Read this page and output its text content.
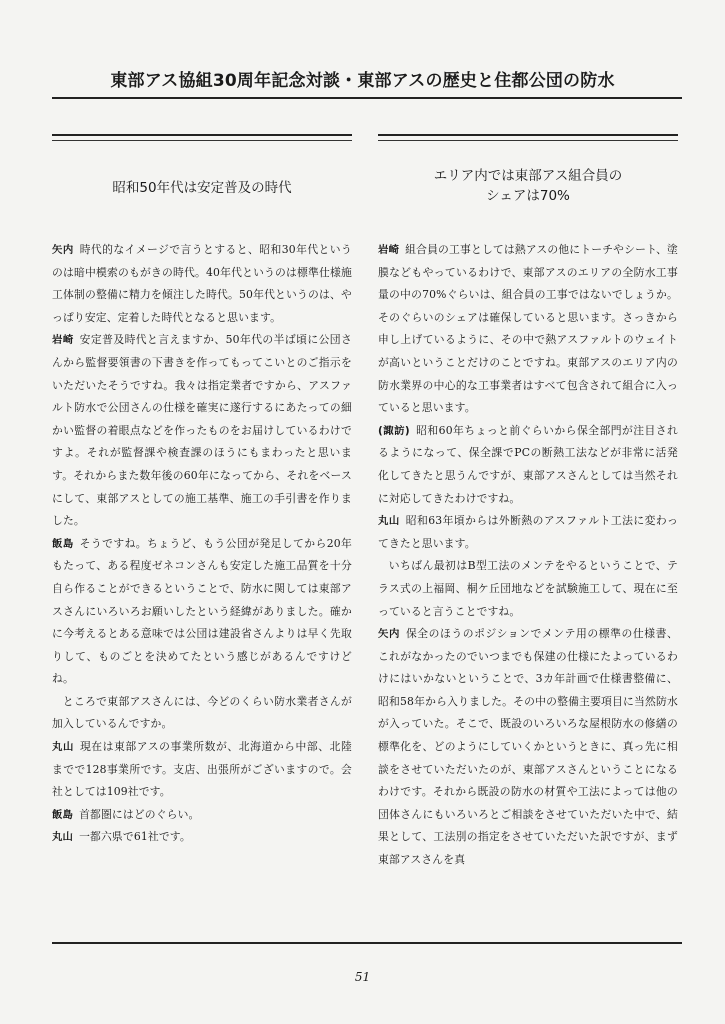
東部アス協組30周年記念対談・東部アスの歴史と住都公団の防水
昭和50年代は安定普及の時代

矢内 時代的なイメージで言うとすると、昭和30年代というのは暗中模索のもがきの時代。40年代というのは標準仕様施工体制の整備に精力を傾注した時代。50年代というのは、やっぱり安定、定着した時代となると思います。

岩崎 安定普及時代と言えますか、50年代の半ば頃に公団さんから監督要領書の下書きを作ってもってこいとのご指示をいただいたそうですね。我々は指定業者ですから、アスファルト防水で公団さんの仕様を確実に遂行するにあたっての細かい監督の着眼点などを作ったものをお届けしているわけですよ。それが監督課や検査課のほうにもまわったと思います。それからまた数年後の60年になってから、それをベースにして、東部アスとしての施工基準、施工の手引書を作りました。

飯島 そうですね。ちょうど、もう公団が発足してから20年もたって、ある程度ゼネコンさんも安定した施工品質を十分自ら作ることができるということで、防水に関しては東部アスさんにいろいろお願いしたという経緯がありました。確かに今考えるとある意味では公団は建設省さんよりは早く先取りして、ものごとを決めてたという感じがあるんですけどね。

ところで東部アスさんには、今どのくらい防水業者さんが加入しているんですか。

丸山 現在は東部アスの事業所数が、北海道から中部、北陸までで128事業所です。支店、出張所がございますので。会社としては109社です。

飯島 首都圏にはどのぐらい。

丸山 一都六県で61社です。

エリア内では東部アス組合員の
シェアは70%

岩崎 組合員の工事としては熱アスの他にトーチやシート、塗膜などもやっているわけで、東部アスのエリアの全防水工事量の中の70%ぐらいは、組合員の工事ではないでしょうか。そのぐらいのシェアは確保していると思います。さっきから申し上げているように、その中で熱アスファルトのウェイトが高いということだけのことですね。東部アスのエリア内の防水業界の中心的な工事業者はすべて包含されて組合に入っていると思います。

(諏訪) 昭和60年ちょっと前ぐらいから保全部門が注目されるようになって、保全課でPCの断熱工法などが非常に活発化してきたと思うんですが、東部アスさんとしては当然それに対応してきたわけですね。

丸山 昭和63年頃からは外断熱のアスファルト工法に変わってきたと思います。

いちばん最初はB型工法のメンテをやるということで、テラス式の上福岡、桐ケ丘団地などを試験施工して、現在に至っていると言うことですね。

矢内 保全のほうのポジションでメンテ用の標準の仕様書、これがなかったのでいつまでも保建の仕様にたよっているわけにはいかないということで、3カ年計画で仕様書整備に、昭和58年から入りました。その中の整備主要項目に当然防水が入っていた。そこで、既設のいろいろな屋根防水の修繕の標準化を、どのようにしていくかというときに、真っ先に相談をさせていただいたのが、東部アスさんということになるわけです。それから既設の防水の材質や工法によっては他の団体さんにもいろいろとご相談をさせていただいた中で、結果として、工法別の指定をさせていただいた訳ですが、まず東部アスさんを真

51
